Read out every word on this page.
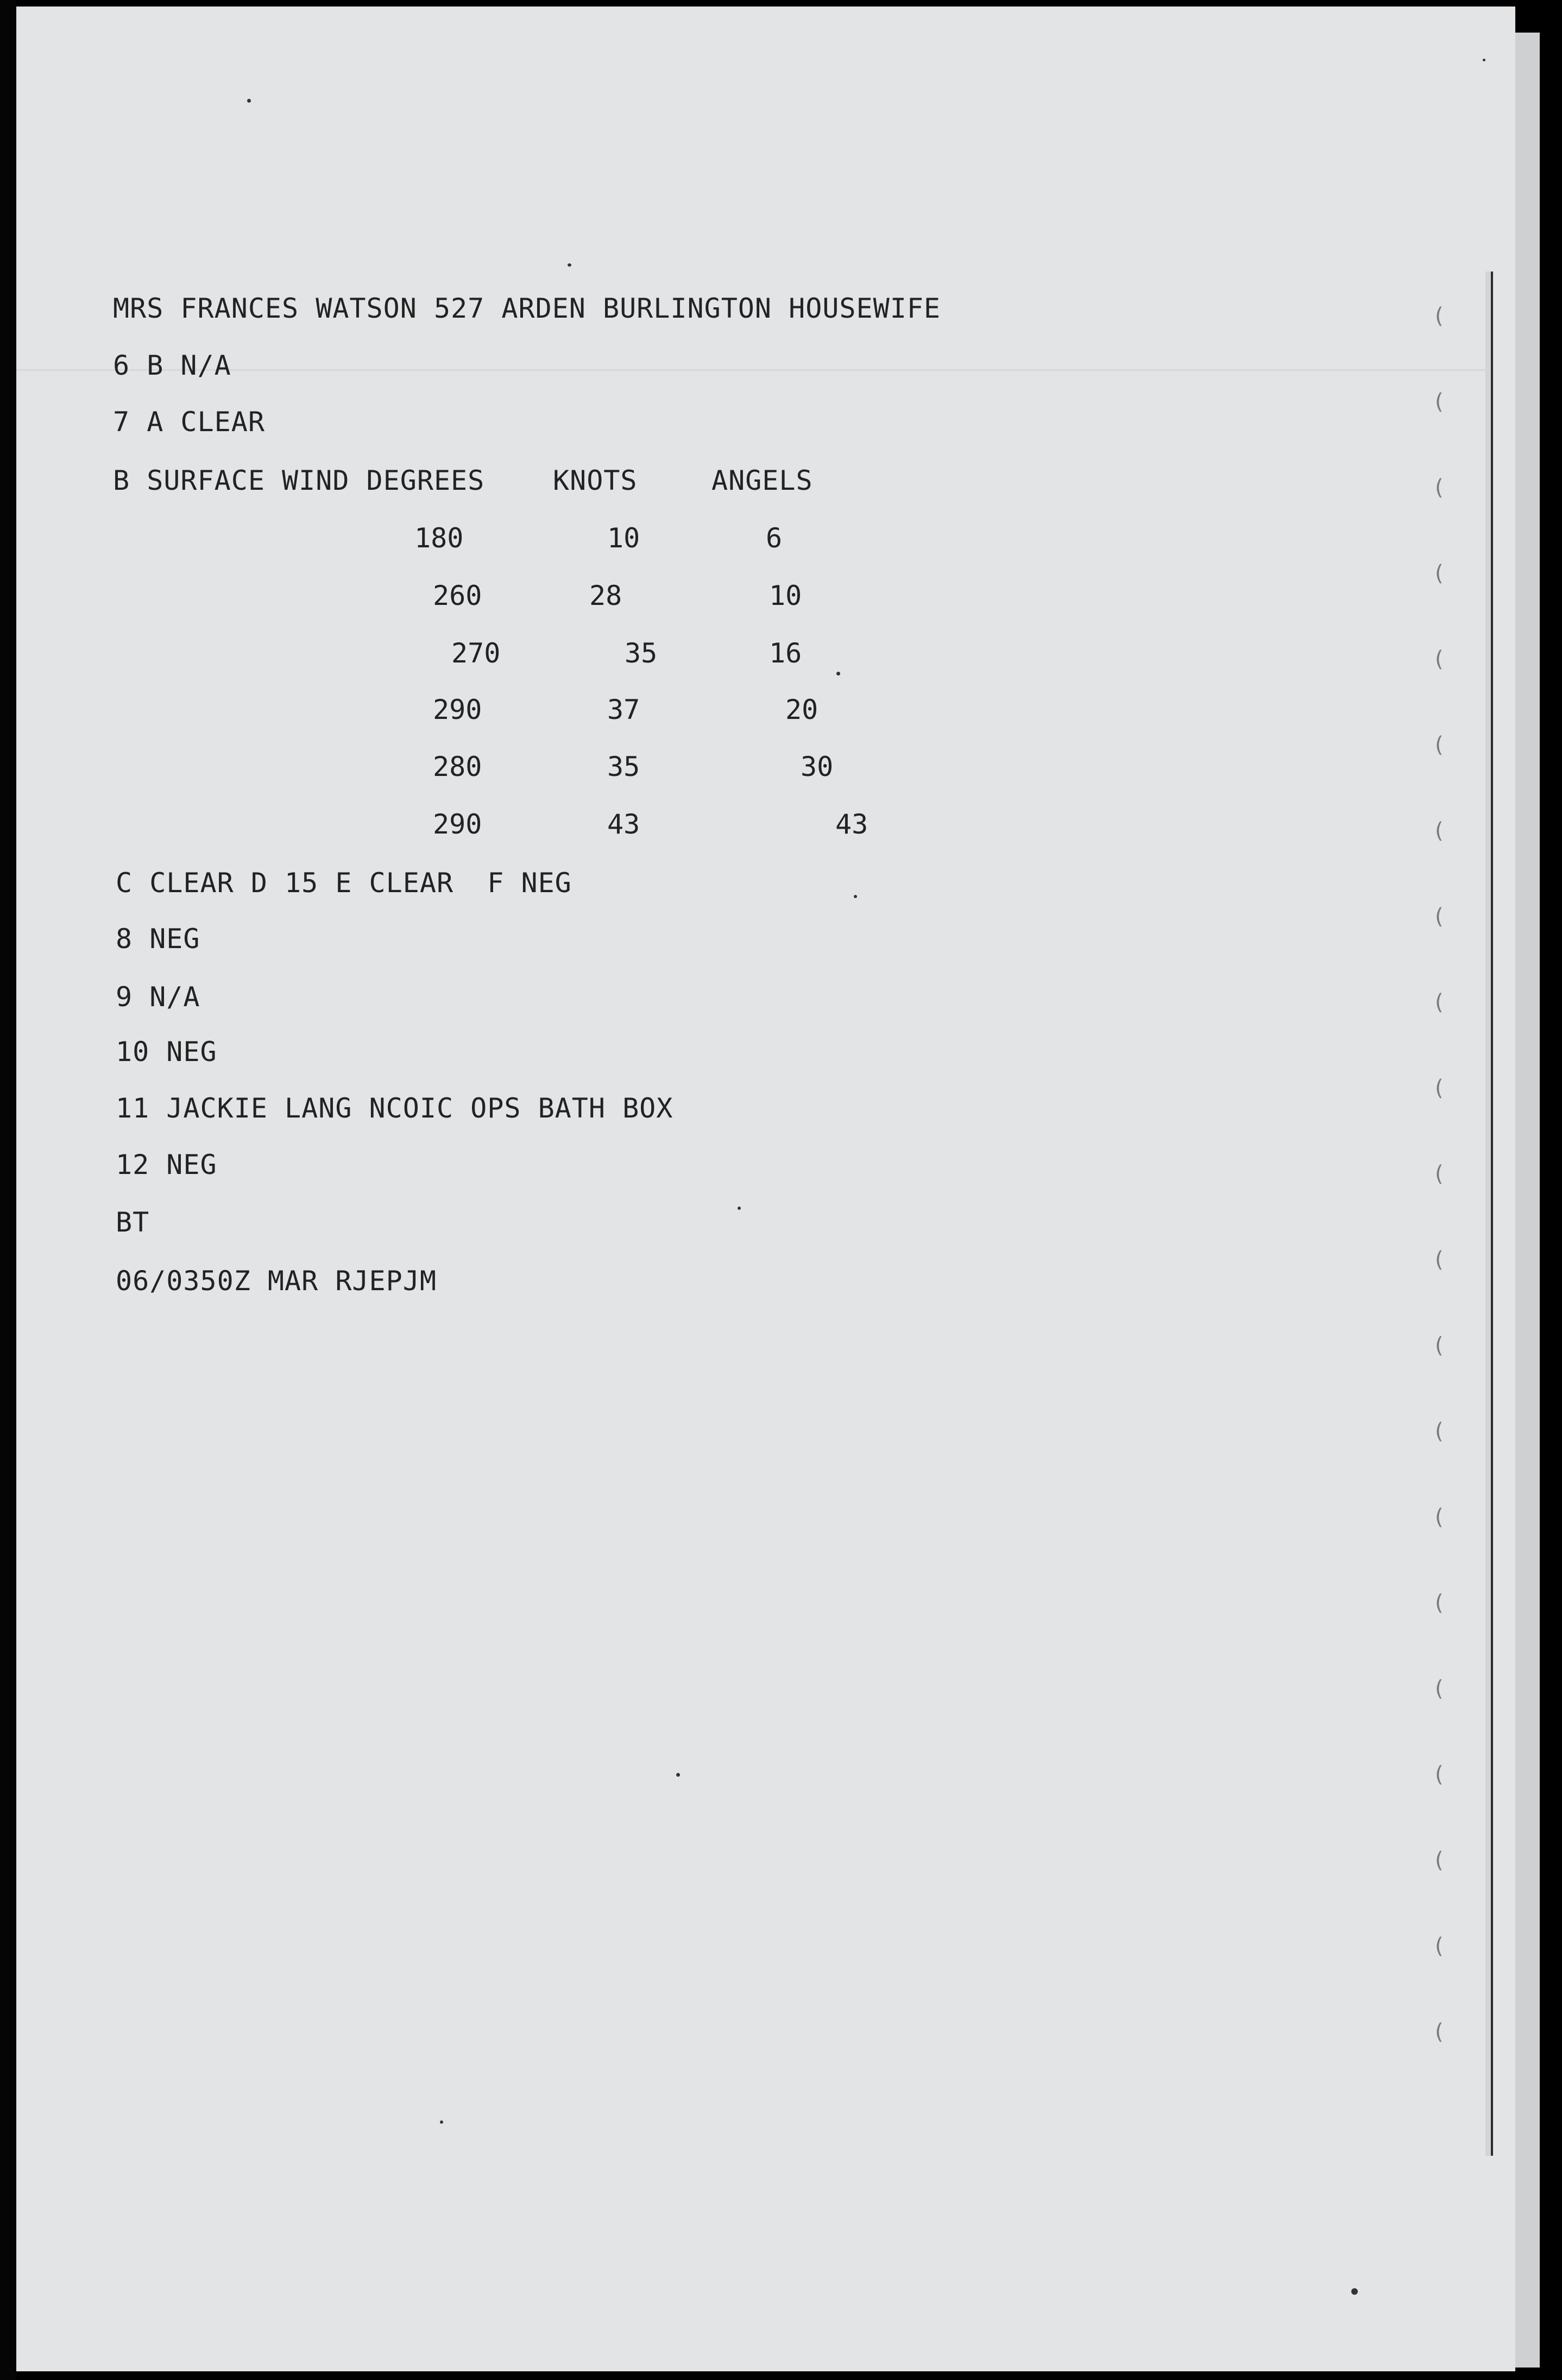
(
(
(
(
(
(
(
(
(
(
(
(
(
(
(
(
(
(
(
(
(
MRS FRANCES WATSON 527 ARDEN BURLINGTON HOUSEWIFE
6 B N/A
7 A CLEAR
B SURFACE WIND DEGREES	KNOTS	ANGELS
180	10	6
260	28	10
270	35	16
290	37	20
280	35	30
290	43	43
C CLEAR D 15 E CLEAR  F NEG
8 NEG
9 N/A
10 NEG
11 JACKIE LANG NCOIC OPS BATH BOX
12 NEG
BT
06/0350Z MAR RJEPJM
